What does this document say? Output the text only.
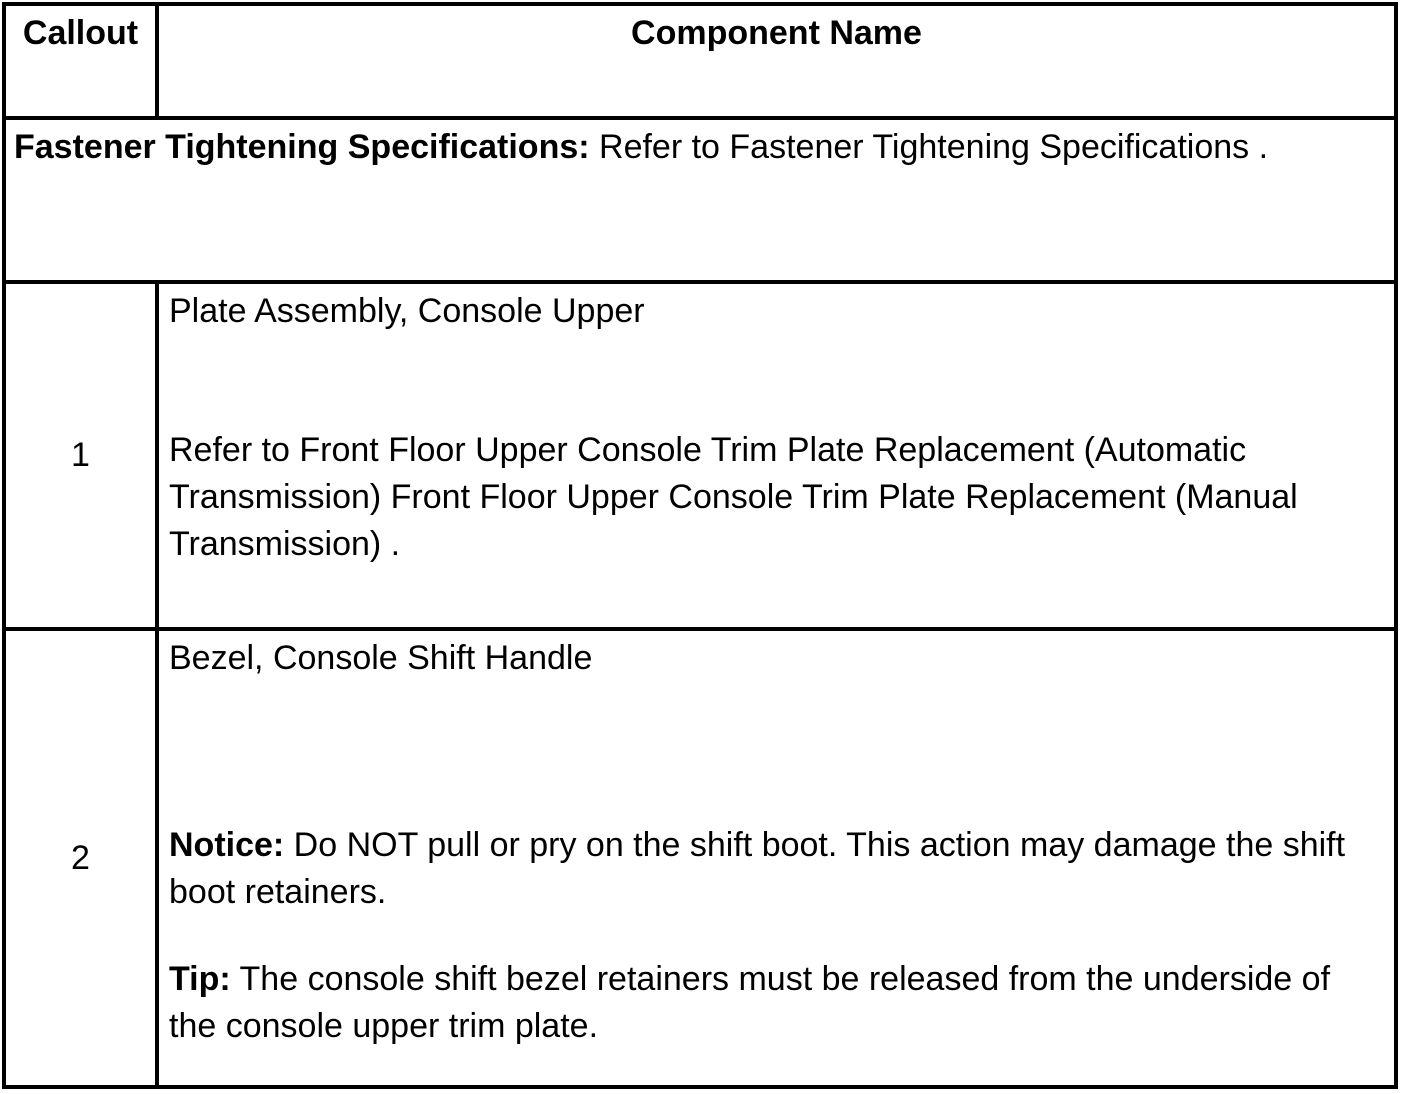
Callout	Component Name
Fastener Tightening Specifications: Refer to Fastener Tightening Specifications .	
1	Plate Assembly, Console Upper

Refer to Front Floor Upper Console Trim Plate Replacement (Automatic Transmission) Front Floor Upper Console Trim Plate Replacement (Manual Transmission) .

2	Bezel, Console Shift Handle

Notice: Do NOT pull or pry on the shift boot. This action may damage the shift boot retainers.

Tip: The console shift bezel retainers must be released from the underside of the console upper trim plate.
